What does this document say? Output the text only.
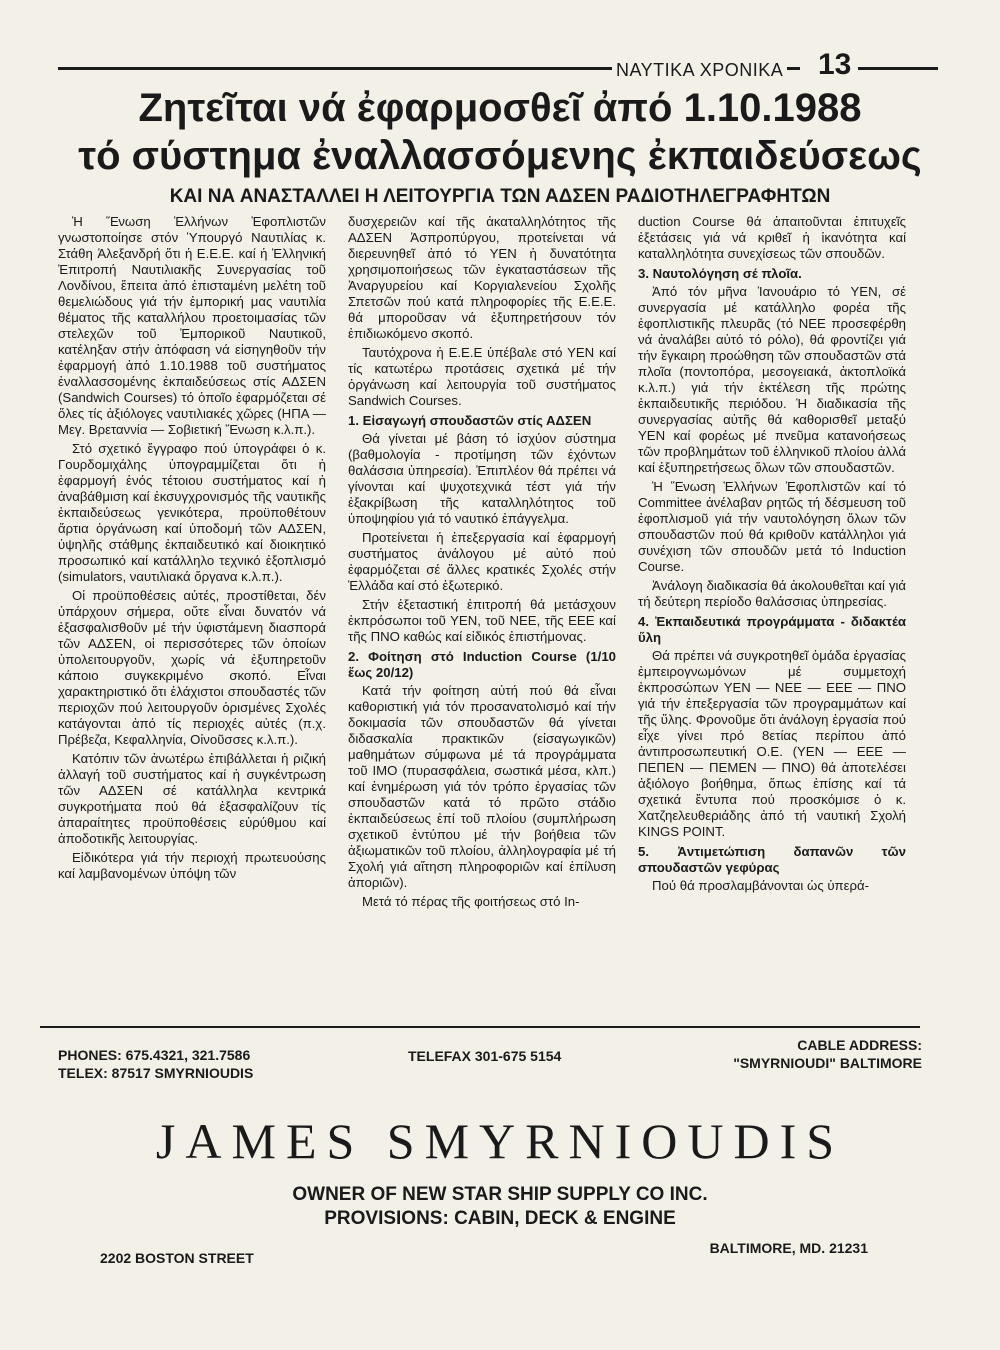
ΝΑΥΤΙΚΑ ΧΡΟΝΙΚΑ 13
Ζητεῖται νά ἐφαρμοσθεῖ ἀπό 1.10.1988
τό σύστημα ἐναλλασσόμενης ἐκπαιδεύσεως
ΚΑΙ ΝΑ ΑΝΑΣΤΑΛΛΕΙ Η ΛΕΙΤΟΥΡΓΙΑ ΤΩΝ ΑΔΣΕΝ ΡΑΔΙΟΤΗΛΕΓΡΑΦΗΤΩΝ

Ἡ Ἕνωση Ἑλλήνων Ἐφοπλιστῶν γνωστοποίησε στόν Ὑπουργό Ναυτιλίας κ. Στάθη Ἀλεξανδρή ὅτι ἡ Ε.Ε.Ε. καί ἡ Ἑλληνική Ἐπιτροπή Ναυτιλιακῆς Συνεργασίας τοῦ Λονδίνου, ἔπειτα ἀπό ἐπισταμένη μελέτη τοῦ θεμελιώδους γιά τήν ἐμπορική μας ναυτιλία θέματος τῆς καταλλήλου προετοιμασίας τῶν στελεχῶν τοῦ Ἐμπορικοῦ Ναυτικοῦ, κατέληξαν στήν ἀπόφαση νά εἰσηγηθοῦν τήν ἐφαρμογή ἀπό 1.10.1988 τοῦ συστήματος ἐναλλασσομένης ἐκπαιδεύσεως στίς ΑΔΣΕΝ (Sandwich Courses) τό ὁποῖο ἐφαρμόζεται σέ ὅλες τίς ἀξιόλογες ναυτιλιακές χῶρες (ΗΠΑ — Μεγ. Βρεταννία — Σοβιετική Ἕνωση κ.λ.π.).

Στό σχετικό ἔγγραφο πού ὑπογράφει ὁ κ. Γουρδομιχάλης ὑπογραμμίζεται ὅτι ἡ ἐφαρμογή ἑνός τέτοιου συστήματος καί ἡ ἀναβάθμιση καί ἐκσυγχρονισμός τῆς ναυτικῆς ἐκπαιδεύσεως γενικότερα, προϋποθέτουν ἄρτια ὀργάνωση καί ὑποδομή τῶν ΑΔΣΕΝ, ὑψηλῆς στάθμης ἐκπαιδευτικό καί διοικητικό προσωπικό καί κατάλληλο τεχνικό ἐξοπλισμό (simulators, ναυτιλιακά ὄργανα κ.λ.π.).

Οἱ προϋποθέσεις αὐτές, προστίθεται, δέν ὑπάρχουν σήμερα, οὔτε εἶναι δυνατόν νά ἐξασφαλισθοῦν μέ τήν ὑφιστάμενη διασπορά τῶν ΑΔΣΕΝ, οἱ περισσότερες τῶν ὁποίων ὑπολειτουργοῦν, χωρίς νά ἐξυπηρετοῦν κάποιο συγκεκριμένο σκοπό. Εἶναι χαρακτηριστικό ὅτι ἐλάχιστοι σπουδαστές τῶν περιοχῶν πού λειτουργοῦν ὁρισμένες Σχολές κατάγονται ἀπό τίς περιοχές αὐτές (π.χ. Πρέβεζα, Κεφαλληνία, Οἰνοῦσσες κ.λ.π.).

Κατόπιν τῶν ἀνωτέρω ἐπιβάλλεται ἡ ριζική ἀλλαγή τοῦ συστήματος καί ἡ συγκέντρωση τῶν ΑΔΣΕΝ σέ κατάλληλα κεντρικά συγκροτήματα πού θά ἐξασφαλίζουν τίς ἀπαραίτητες προϋποθέσεις εὐρύθμου καί ἀποδοτικῆς λειτουργίας.

Εἰδικότερα γιά τήν περιοχή πρωτευούσης καί λαμβανομένων ὑπόψη τῶν

δυσχερειῶν καί τῆς ἀκαταλληλότητος τῆς ΑΔΣΕΝ Ἀσπροπύργου, προτείνεται νά διερευνηθεῖ ἀπό τό ΥΕΝ ἡ δυνατότητα χρησιμοποιήσεως τῶν ἐγκαταστάσεων τῆς Ἀναργυρείου καί Κοργιαλενείου Σχολῆς Σπετσῶν πού κατά πληροφορίες τῆς Ε.Ε.Ε. θά μποροῦσαν νά ἐξυπηρετήσουν τόν ἐπιδιωκόμενο σκοπό.

Ταυτόχρονα ἡ Ε.Ε.Ε ὑπέβαλε στό ΥΕΝ καί τίς κατωτέρω προτάσεις σχετικά μέ τήν ὀργάνωση καί λειτουργία τοῦ συστήματος Sandwich Courses.

1. Εἰσαγωγή σπουδαστῶν στίς ΑΔΣΕΝ

Θά γίνεται μέ βάση τό ἰσχύον σύστημα (βαθμολογία - προτίμηση τῶν ἐχόντων θαλάσσια ὑπηρεσία). Ἐπιπλέον θά πρέπει νά γίνονται καί ψυχοτεχνικά τέστ γιά τήν ἐξακρίβωση τῆς καταλληλότητος τοῦ ὑποψηφίου γιά τό ναυτικό ἐπάγγελμα.

Προτείνεται ἡ ἐπεξεργασία καί ἐφαρμογή συστήματος ἀνάλογου μέ αὐτό πού ἐφαρμόζεται σέ ἄλλες κρατικές Σχολές στήν Ἑλλάδα καί στό ἐξωτερικό.

Στήν ἐξεταστική ἐπιτροπή θά μετάσχουν ἐκπρόσωποι τοῦ ΥΕΝ, τοῦ ΝΕΕ, τῆς ΕΕΕ καί τῆς ΠΝΟ καθώς καί εἰδικός ἐπιστήμονας.

2. Φοίτηση στό Induction Course (1/10 ἕως 20/12)

Κατά τήν φοίτηση αὐτή πού θά εἶναι καθοριστική γιά τόν προσανατολισμό καί τήν δοκιμασία τῶν σπουδαστῶν θά γίνεται διδασκαλία πρακτικῶν (εἰσαγωγικῶν) μαθημάτων σύμφωνα μέ τά προγράμματα τοῦ ΙΜΟ (πυρασφάλεια, σωστικά μέσα, κλπ.) καί ἐνημέρωση γιά τόν τρόπο ἐργασίας τῶν σπουδαστῶν κατά τό πρῶτο στάδιο ἐκπαιδεύσεως ἐπί τοῦ πλοίου (συμπλήρωση σχετικοῦ ἐντύπου μέ τήν βοήθεια τῶν ἀξιωματικῶν τοῦ πλοίου, ἀλληλογραφία μέ τή Σχολή γιά αἴτηση πληροφοριῶν καί ἐπίλυση ἀποριῶν).

Μετά τό πέρας τῆς φοιτήσεως στό In-

duction Course θά ἀπαιτοῦνται ἐπιτυχεῖς ἐξετάσεις γιά νά κριθεῖ ἡ ἱκανότητα καί καταλληλότητα συνεχίσεως τῶν σπουδῶν.

3. Ναυτολόγηση σέ πλοῖα.

Ἀπό τόν μῆνα Ἰανουάριο τό ΥΕΝ, σέ συνεργασία μέ κατάλληλο φορέα τῆς ἐφοπλιστικῆς πλευρᾶς (τό ΝΕΕ προσεφέρθη νά ἀναλάβει αὐτό τό ρόλο), θά φροντίζει γιά τήν ἔγκαιρη προώθηση τῶν σπουδαστῶν στά πλοῖα (ποντοπόρα, μεσογειακά, ἀκτοπλοϊκά κ.λ.π.) γιά τήν ἐκτέλεση τῆς πρώτης ἐκπαιδευτικῆς περιόδου. Ἡ διαδικασία τῆς συνεργασίας αὐτῆς θά καθορισθεῖ μεταξύ ΥΕΝ καί φορέως μέ πνεῦμα κατανοήσεως τῶν προβλημάτων τοῦ ἑλληνικοῦ πλοίου ἀλλά καί ἐξυπηρετήσεως ὅλων τῶν σπουδαστῶν.

Ἡ Ἕνωση Ἑλλήνων Ἐφοπλιστῶν καί τό Committee ἀνέλαβαν ρητῶς τή δέσμευση τοῦ ἐφοπλισμοῦ γιά τήν ναυτολόγηση ὅλων τῶν σπουδαστῶν πού θά κριθοῦν κατάλληλοι γιά συνέχιση τῶν σπουδῶν μετά τό Induction Course.

Ἀνάλογη διαδικασία θά ἀκολουθεῖται καί γιά τή δεύτερη περίοδο θαλάσσιας ὑπηρεσίας.

4. Ἐκπαιδευτικά προγράμματα - διδακτέα ὕλη

Θά πρέπει νά συγκροτηθεῖ ὁμάδα ἐργασίας ἐμπειρογνωμόνων μέ συμμετοχή ἐκπροσώπων ΥΕΝ — ΝΕΕ — ΕΕΕ — ΠΝΟ γιά τήν ἐπεξεργασία τῶν προγραμμάτων καί τῆς ὕλης. Φρονοῦμε ὅτι ἀνάλογη ἐργασία πού εἶχε γίνει πρό 8ετίας περίπου ἀπό ἀντιπροσωπευτική Ο.Ε. (ΥΕΝ — ΕΕΕ — ΠΕΠΕΝ — ΠΕΜΕΝ — ΠΝΟ) θά ἀποτελέσει ἀξιόλογο βοήθημα, ὅπως ἐπίσης καί τά σχετικά ἔντυπα πού προσκόμισε ὁ κ. Χατζηελευθεριάδης ἀπό τή ναυτική Σχολή KINGS POINT.

5. Ἀντιμετώπιση δαπανῶν τῶν σπουδαστῶν γεφύρας

Πού θά προσλαμβάνονται ὡς ὑπερά-

PHONES: 675.4321, 321.7586
TELEX: 87517 SMYRNIOUDIS
TELEFAX 301-675 5154
CABLE ADDRESS:
"SMYRNIOUDI" BALTIMORE
JAMES SMYRNIOUDIS
OWNER OF NEW STAR SHIP SUPPLY CO INC.
PROVISIONS: CABIN, DECK & ENGINE
2202 BOSTON STREET
BALTIMORE, MD. 21231
